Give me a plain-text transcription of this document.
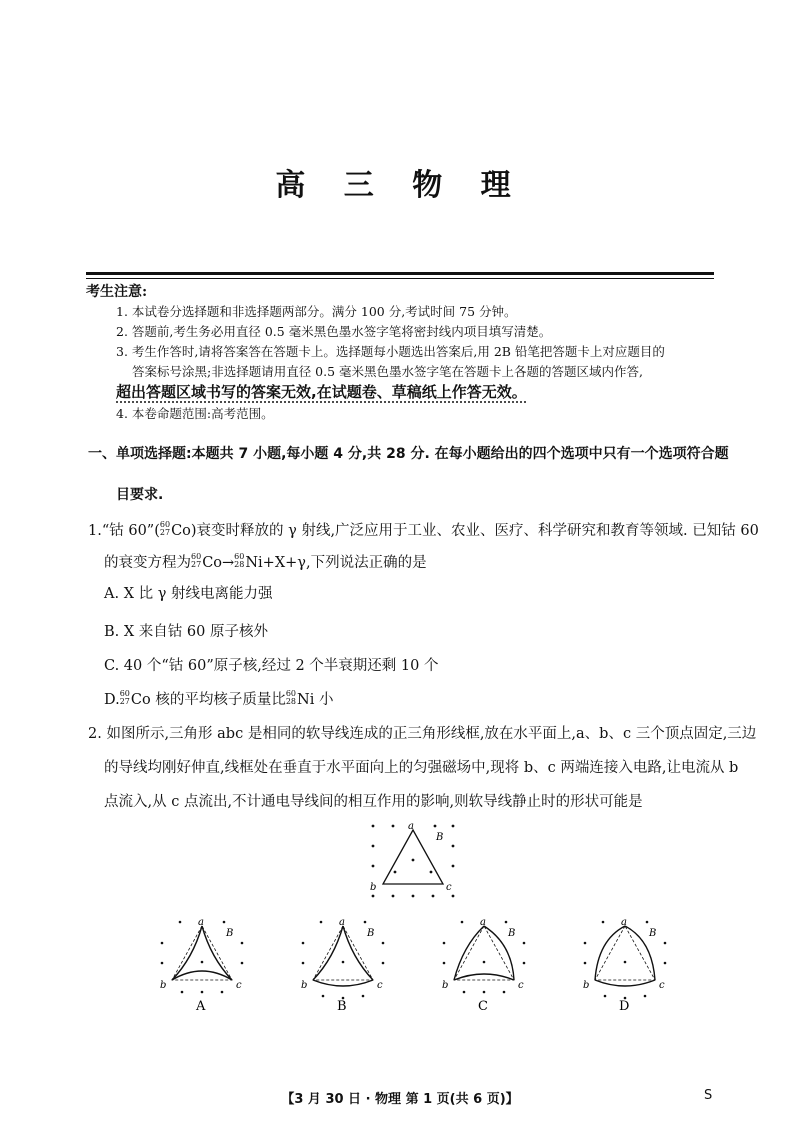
高 三 物 理
考生注意:
1. 本试卷分选择题和非选择题两部分。满分 100 分,考试时间 75 分钟。
2. 答题前,考生务必用直径 0.5 毫米黑色墨水签字笔将密封线内项目填写清楚。
3. 考生作答时,请将答案答在答题卡上。选择题每小题选出答案后,用 2B 铅笔把答题卡上对应题目的
答案标号涂黑;非选择题请用直径 0.5 毫米黑色墨水签字笔在答题卡上各题的答题区域内作答,
超出答题区域书写的答案无效,在试题卷、草稿纸上作答无效。
4. 本卷命题范围:高考范围。
一、单项选择题:本题共 7 小题,每小题 4 分,共 28 分. 在每小题给出的四个选项中只有一个选项符合题
目要求.
1.“钴 60”( 60
27 Co)衰变时释放的 γ 射线,广泛应用于工业、农业、医疗、科学研究和教育等领域. 已知钴 60
的衰变方程为 60
27 Co→ 60
28 Ni+X+γ,下列说法正确的是
A. X 比 γ 射线电离能力强
B. X 来自钴 60 原子核外
C. 40 个“钴 60”原子核,经过 2 个半衰期还剩 10 个
D. 60
27 Co 核的平均核子质量比 60
28 Ni 小
2. 如图所示,三角形 abc 是相同的软导线连成的正三角形线框,放在水平面上,a、b、c 三个顶点固定,三边
的导线均刚好伸直,线框处在垂直于水平面向上的匀强磁场中,现将 b、c 两端连接入电路,让电流从 b
点流入,从 c 点流出,不计通电导线间的相互作用的影响,则软导线静止时的形状可能是
a
b	c
B
a
b	c
B
A
a
b	c
B
B
a
b	c
B
C
a
b	c
B
D
【3 月 30 日 · 物理 第 1 页(共 6 页)】	S
